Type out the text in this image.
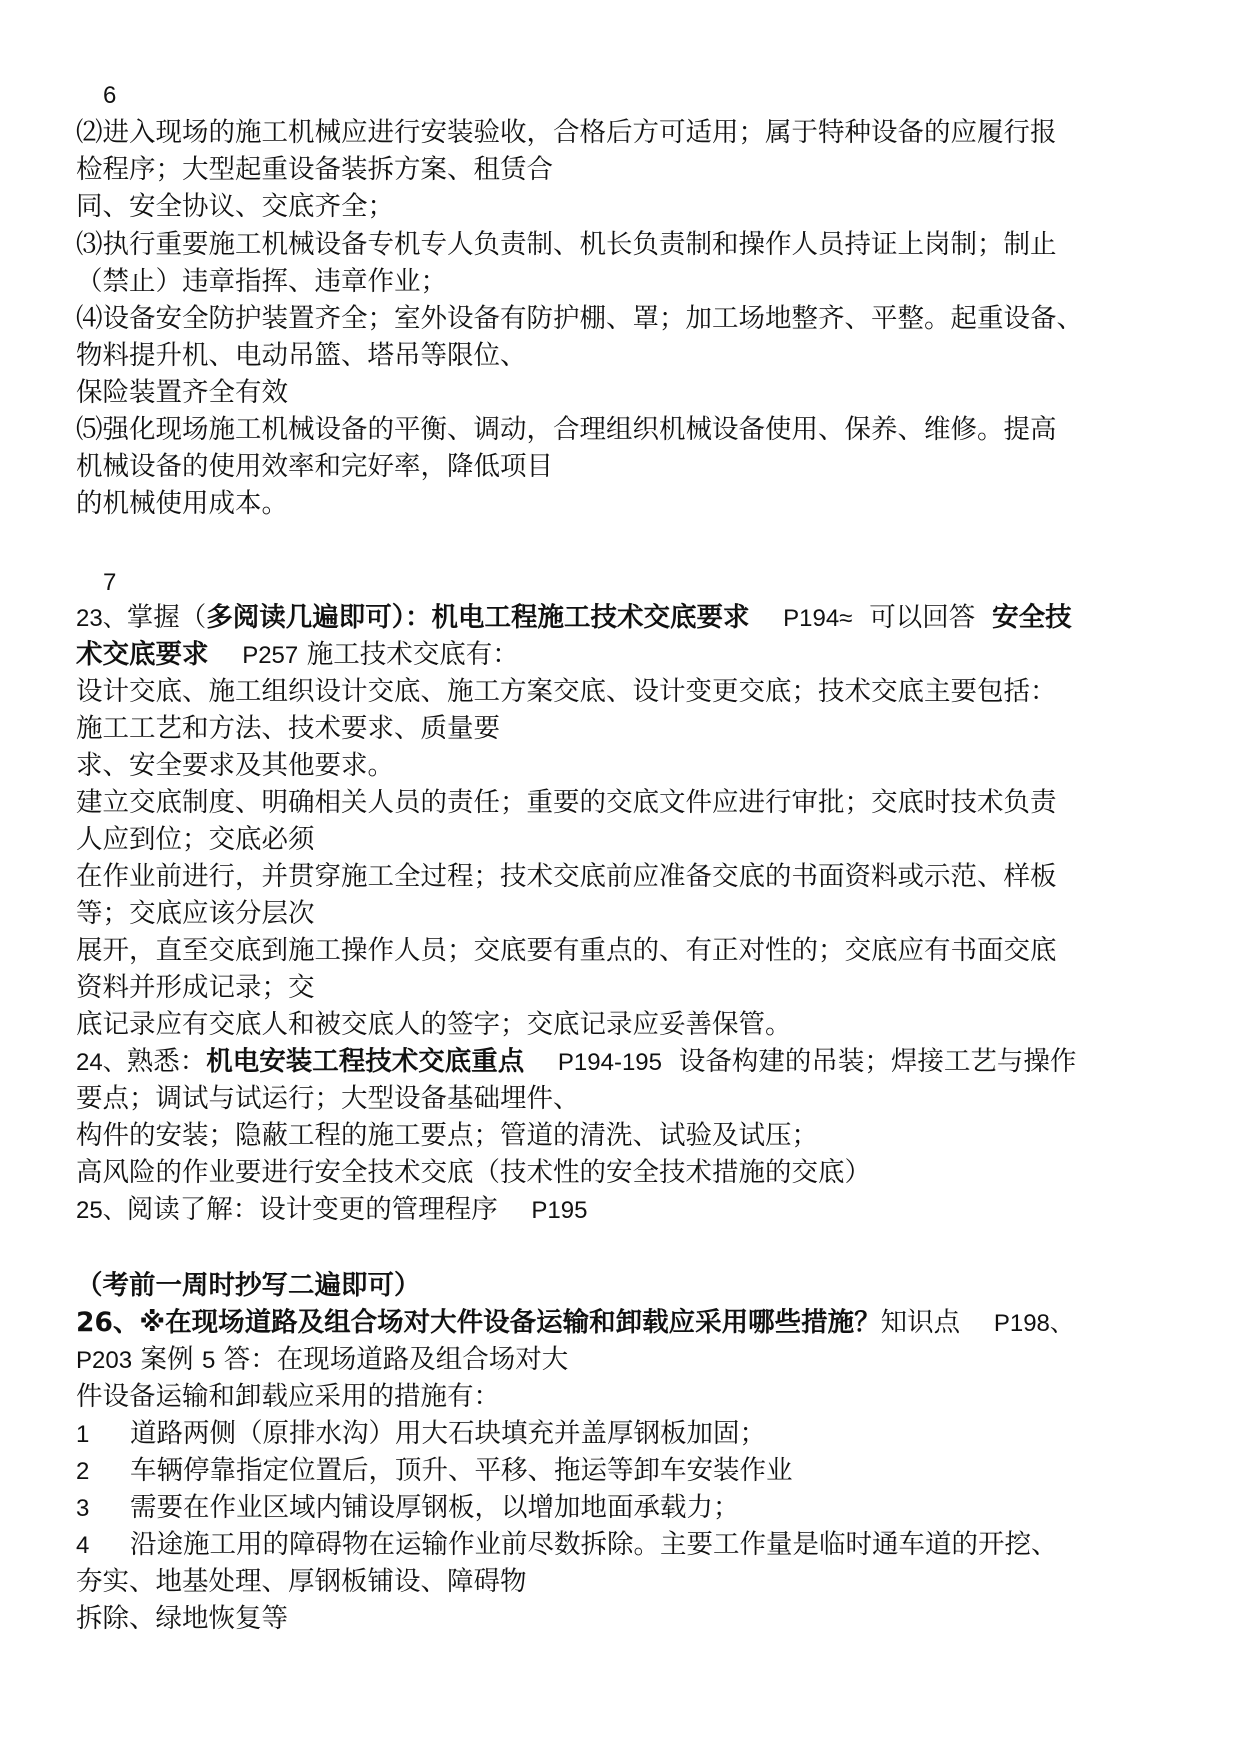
6
⑵进入现场的施工机械应进行安装验收，合格后方可适用；属于特种设备的应履行报
检程序；大型起重设备装拆方案、租赁合
同、安全协议、交底齐全；
⑶执行重要施工机械设备专机专人负责制、机长负责制和操作人员持证上岗制；制止
（禁止）违章指挥、违章作业；
⑷设备安全防护装置齐全；室外设备有防护棚、罩；加工场地整齐、平整。起重设备、
物料提升机、电动吊篮、塔吊等限位、
保险装置齐全有效
⑸强化现场施工机械设备的平衡、调动，合理组织机械设备使用、保养、维修。提高
机械设备的使用效率和完好率，降低项目
的机械使用成本。
7
23、掌握（多阅读几遍即可）：机电工程施工技术交底要求 P194≈ 可以回答 安全技
术交底要求 P257 施工技术交底有：
设计交底、施工组织设计交底、施工方案交底、设计变更交底；技术交底主要包括：
施工工艺和方法、技术要求、质量要
求、安全要求及其他要求。
建立交底制度、明确相关人员的责任；重要的交底文件应进行审批；交底时技术负责
人应到位；交底必须
在作业前进行，并贯穿施工全过程；技术交底前应准备交底的书面资料或示范、样板
等；交底应该分层次
展开，直至交底到施工操作人员；交底要有重点的、有正对性的；交底应有书面交底
资料并形成记录；交
底记录应有交底人和被交底人的签字；交底记录应妥善保管。
24、熟悉：机电安装工程技术交底重点 P194-195 设备构建的吊装；焊接工艺与操作
要点；调试与试运行；大型设备基础埋件、
构件的安装；隐蔽工程的施工要点；管道的清洗、试验及试压；
高风险的作业要进行安全技术交底（技术性的安全技术措施的交底）
25、阅读了解：设计变更的管理程序 P195
（考前一周时抄写二遍即可）
26、※在现场道路及组合场对大件设备运输和卸载应采用哪些措施？知识点 P198、
P203 案例 5 答：在现场道路及组合场对大
件设备运输和卸载应采用的措施有：
1 道路两侧（原排水沟）用大石块填充并盖厚钢板加固；
2 车辆停靠指定位置后，顶升、平移、拖运等卸车安装作业
3 需要在作业区域内铺设厚钢板，以增加地面承载力；
4 沿途施工用的障碍物在运输作业前尽数拆除。主要工作量是临时通车道的开挖、
夯实、地基处理、厚钢板铺设、障碍物
拆除、绿地恢复等
